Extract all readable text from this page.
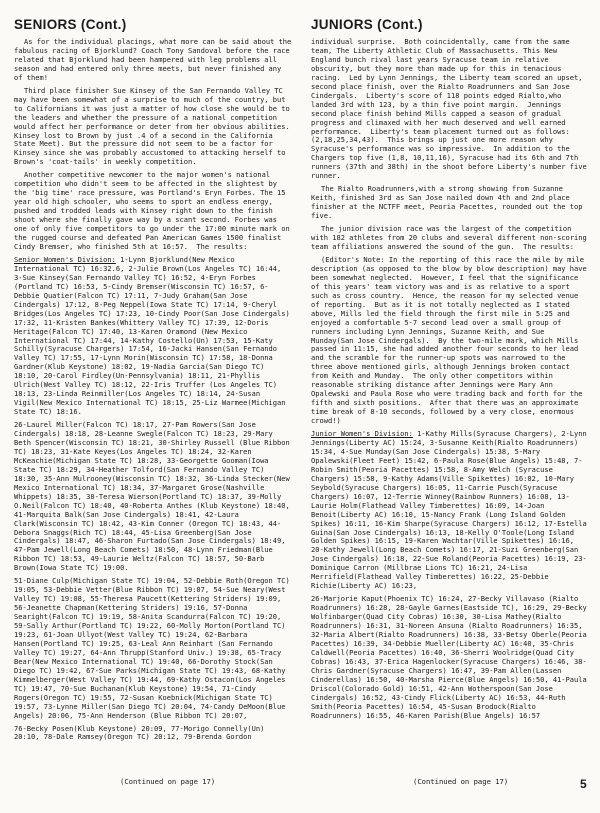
SENIORS (Cont.)

As for the individual placings, what more can be said about the fabulous racing of Bjorklund? Coach Tony Sandoval before the race related that Bjorklund had been hampered with leg problems all season and had entered only three meets, but never finished any of them!

Third place finisher Sue Kinsey of the San Fernando Valley TC may have been somewhat of a surprise to much of the country, but to Californians it was just a matter of how close she would be to the leaders and whether the pressure of a national competition would affect her performance or deter from her obvious abilities. Kinsey lost to Brown by just .4 of a second in the California State Meet). But the pressure did not seem to be a factor for Kinsey since she was probably accustomed to attacking herself to Brown's 'coat-tails' in weekly competition.

Another competitive newcomer to the major women's national competition who didn't seem to be affected in the slightest by the 'big time' race pressure, was Portland's Eryn Forbes. The 15 year old high schooler, who seems to sport an endless energy, pushed and trodded leads with Kinsey right down to the finish shoot where she finally gave way by a scant second. Forbes was one of only five competitors to go under the 17:00 minute mark on the rugged course and defeated Pan American Games 1500 finalist Cindy Bremser, who finished 5th at 16:57.  The results:

Senior Women's Division: 1-Lynn Bjorklund(New Mexico International TC) 16:32.6, 2-Julie Brown(Los Angeles TC) 16:44, 3-Sue Kinsey(San Fernando Valley TC) 16:52, 4-Eryn Forbes (Portland TC) 16:53, 5-Cindy Bremser(Wisconsin TC) 16:57, 6-Debbie Quatier(Falcon TC) 17:11, 7-Judy Graham(San Jose Cindergals) 17:12, 8-Peg Neppel(Iowa State TC) 17:14, 9-Cheryl Bridges(Los Angeles TC) 17:23, 10-Cindy Poor(San Jose Cindergals) 17:32, 11-Kristen Bankes(Whittery Valley TC) 17:39, 12-Doris Heritage(Falcon TC) 17:40, 13-Karen Oramond (New Mexico International TC) 17:44, 14-Kathy Costello(Un) 17:53, 15-Katy Schilly(Syracuse Chargers) 17:54, 16-Jacki Hansen(San Fernando Valley TC) 17:55, 17-Lynn Morin(Wisconsin TC) 17:58, 18-Donna Gardner(Klub Keystone) 18:02, 19-Nadia Garcia(San Diego TC) 18:10, 20-Carol Firdley(Un-Pennsylvania) 18:11, 21-Phyllis Ulrich(West Valley TC) 18:12, 22-Iris Truffer (Los Angeles TC) 18:13, 23-Linda Reinmiller(Los Angeles TC) 18:14, 24-Susan Vigil(New Mexico International TC) 18:15, 25-Liz Warmee(Michigan State TC) 18:16.

26-Laurel Miller(Falcon TC) 18:17, 27-Pam Rowers(San Jose Cindergals) 18:18, 28-Leanne Swegle(Falcon TC) 18:23, 29-Mary Beth Spencer(Wisconsin TC) 18:21, 30-Shirley Russell (Blue Ribbon TC) 18:23, 31-Kate Keyes(Los Angeles TC) 18:24, 32-Karen McKeachie(Michigan State TC) 18:28, 33-Georgette Gooman(Iowa State TC) 18:29, 34-Heather Tolford(San Fernando Valley TC) 18:30, 35-Ann Mulrooney(Wisconsin TC) 18:32, 36-Linda Stecker(New Mexico International TC) 18:34, 37-Margaret Grose(Nashville Whippets) 18:35, 38-Teresa Wierson(Portland TC) 18:37, 39-Molly O.Neil(Falcon TC) 18:40, 40-Roberta Anthes (Klub Keystone) 18:40, 41-Marquita Balk(San Jose Cindergals) 18:41, 42-Laura Clark(Wisconsin TC) 18:42, 43-Kim Conner (Oregon TC) 18:43, 44-Debora Snaggs(Rich TC) 18:44, 45-Lisa Greenberg(San Jose Cindergals) 18:47, 46-Sharon Furtado(San Jose Cindergals) 18:49, 47-Pam Jewell(Long Beach Comets) 18:50, 48-Lynn Friedman(Blue Ribbon TC) 18:53, 49-Laurie Weltz(Falcon TC) 18:57, 50-Barb Brown(Iowa State TC) 19:00.

51-Diane Culp(Michigan State TC) 19:04, 52-Debbie Roth(Oregon TC) 19:05, 53-Debbie Vetter(Blue Ribbon TC) 19:07, 54-Sue Neary(West Valley TC) 19:08, 55-Theresa Paucett(Kettering Striders) 19:09, 56-Jeanette Chapman(Kettering Striders) 19:16, 57-Donna Searight(Falcon TC) 19:19, 58-Anita Scandurra(Falcon TC) 19:20, 59-Sally Arthur(Portland TC) 19:22, 60-Molly Morton(Portland TC) 19:23, 61-Joan Ullyot(West Valley TC) 19:24, 62-Barbara Hansen(Portland TC) 19:25, 63-Leal Ann Reinhart (San Fernando Valley TC) 19:27, 64-Ann Thrupp(Stanford Univ.) 19:38, 65-Tracy Bear(New Mexico International TC) 19:40, 66-Dorothy Stock(San Diego TC) 19:42, 67-Sue Parks(Michigan State TC) 19:43, 68-Kathy Kimmelberger(West Valley TC) 19:44, 69-Kathy Ostacon(Los Angeles TC) 19:47, 70-Sue Buchanan(Klub Keystone) 19:54, 71-Cindy Rogers(Oregon TC) 19:55, 72-Susan Koebnick(Michigan State TC) 19:57, 73-Lynne Miller(San Diego TC) 20:04, 74-Candy DeMoon(Blue Angels) 20:06, 75-Ann Henderson (Blue Ribbon TC) 20:07,

76-Becky Posen(Klub Keystone) 20:09, 77-Morigo Connelly(Un) 20:10, 78-Dale Ramsey(Oregon TC) 20:12, 79-Brenda Gordon

JUNIORS (Cont.)

individual surprise.  Both coincidentally, came from the same team, The Liberty Athletic Club of Massachusetts. This New England bunch rival last years Syracuse team in relative obscurity, but they more than made up for this in tenacious racing.  Led by Lynn Jennings, the Liberty team scored an upset, second place finish, over the Rialto Roadrunners and San Jose Cindergals.  Liberty's score of 118 points edged Rialto,who landed 3rd with 123, by a thin five point margin.  Jennings second place finish behind Mills capped a season of gradual progress and climaxed with her much deserved and well earned performance.  Liberty's team placement turned out as follows: (2,18,25,34,43).  This brings up just one more reason why Syracuse's performance was so impressive.  In addition to the Chargers top five (1,8, 10,11,16), Syracuse had its 6th and 7th runners (37th and 38th) in the shoot before Liberty's number five runner.

The Rialto Roadrunners,with a strong showing from Suzanne Keith, finished 3rd as San Jose nailed down 4th and 2nd place finisher at the NCTFF meet, Peoria Pacettes, rounded out the top five.

The junior division race was the largest of the competition with 182 athletes from 20 clubs and several different non-scoring team affiliations answered the sound of the gun.  The results:

(Editor's Note: In the reporting of this race the mile by mile description (as opposed to the blow by blow description) may have been somewhat neglected.  However, I feel that the significance of this years' team victory was and is as relative to a sport such as cross country.  Hence, the reason for my selected venue of reporting.  But as it is not totally neglected as I stated above, Mills led the field through the first mile in 5:25 and enjoyed a comfortable 5-7 second lead over a small group of runners including Lynn Jennings, Suzanne Keith, and Sue Munday(San Jose Cindergals).  By the two-mile mark, which Mills passed in 11:15, she had added another four seconds to her lead and the scramble for the runner-up spots was narrowed to the three above mentioned girls, although Jennings broken contact from Keith and Munday.  The only other competitors within reasonable striking distance after Jennings were Mary Ann Opalewski and Paula Rose who were trading back and forth for the fifth and sixth positions.  After that there was an approximate time break of 8-10 seconds, followed by a very close, enormous crowd!)

Junior Women's Division: 1-Kathy Mills(Syracuse Chargers), 2-Lynn Jennings(Liberty AC) 15:24, 3-Susanne Keith(Rialto Roadrunners) 15:34, 4-Sue Munday(San Jose Cindergals) 15:38, 5-Mary Opalewski(Fleet Feet) 15:42, 6-Paula Rose(Blue Angels) 15:48, 7-Robin Smith(Peoria Pacettes) 15:58, 8-Amy Welch (Syracuse Chargers) 15:58, 9-Kathy Adams(Ville Spikettes) 16:02, 10-Mary Seybold(Syracuse Chargers) 16:05, 11-Carrie Pusch(Syracuse Chargers) 16:07, 12-Terrie Winney(Rainbow Runners) 16:08, 13-Laurie Holm(Flathead Valley Timberettes) 16:09, 14-Joan Benoit(Liberty AC) 16:10, 15-Nancy Frank (Long Island Golden Spikes) 16:11, 16-Kim Sharpe(Syracuse Chargers) 16:12, 17-Estella Guina(San Jose Cindergals) 16:13, 18-Kelly O'Toole(Long Island Golden Spikes) 16:15, 19-Karen Wachtar(Ville Spikettes) 16:16, 20-Kathy Jewell(Long Beach Comets) 16:17, 21-Suzi Greenberg(San Jose Cindergals) 16:18, 22-Sue Roland(Peoria Pacettes) 16:19, 23-Dominique Carron (Millbrae Lions TC) 16:21, 24-Lisa Merrifield(Flathead Valley Timberettes) 16:22, 25-Debbie Richie(Liberty AC) 16:23,

26-Marjorie Kaput(Phoenix TC) 16:24, 27-Becky Villavaso (Rialto Roadrunners) 16:28, 28-Gayle Garnes(Eastside TC), 16:29, 29-Becky Wolfinbarger(Quad City Cobras) 16:30, 30-Lisa Mathey(Rialto Roadrunners) 16:31, 31-Noreen Ansuna (Rialto Roadrunners) 16:35, 32-Maria Albert(Rialto Roadrunners) 16:38, 33-Betsy Oberle(Peoria Pacettes) 16:39, 34-Debbie Mueller(Liberty AC) 16:40, 35-Chris Caldwell(Peoria Pacettes) 16:40, 36-Sherri Woolridge(Quad City Cobras) 16:43, 37-Erica Hagenlocker(Syracuse Chargers) 16:46, 38-Chris Gardner(Syracuse Chargers) 16:47, 39-Pam Allen(Lassen Cinderellas) 16:50, 40-Marsha Pierce(Blue Angels) 16:50, 41-Paula Driscol(Colorado Gold) 16:51, 42-Ann Wotherspoon(San Jose Cindergals) 16:52, 43-Cindy Flick(Liberty AC) 16:53, 44-Ruth Smith(Peoria Pacettes) 16:54, 45-Susan Brodock(Rialto Roadrunners) 16:55, 46-Karen Parish(Blue Angels) 16:57

(Continued on page 17)	(Continued on page 17)	5
